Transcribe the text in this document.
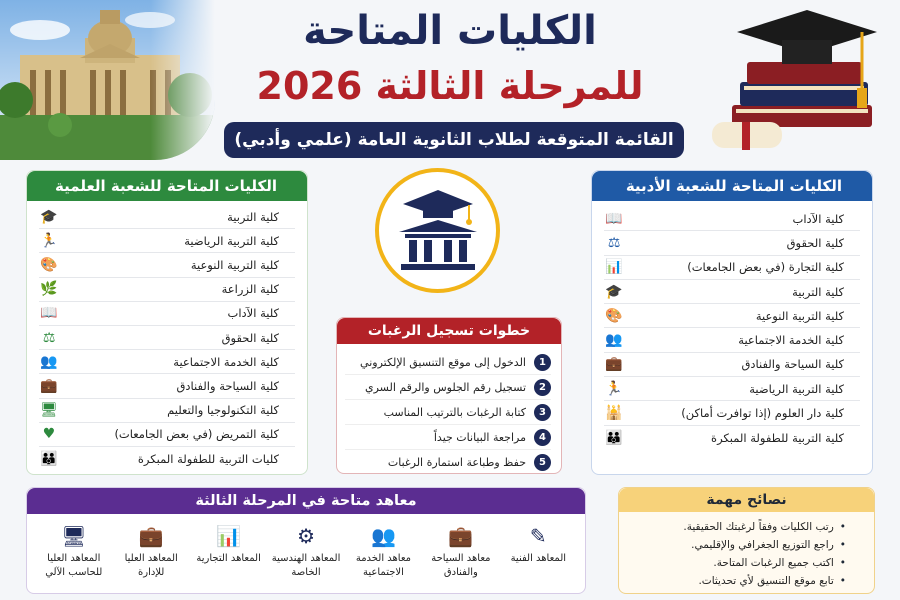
الكليات المتاحة
للمرحلة الثالثة 2026
القائمة المتوقعة لطلاب الثانوية العامة (علمي وأدبي)
الكليات المتاحة للشعبة الأدبية
كلية الآداب
📖
كلية الحقوق
⚖
كلية التجارة (في بعض الجامعات)
📊
كلية التربية
🎓
كلية التربية النوعية
🎨
كلية الخدمة الاجتماعية
👥
كلية السياحة والفنادق
💼
كلية التربية الرياضية
🏃
كلية دار العلوم (إذا توافرت أماكن)
🕌
كلية التربية للطفولة المبكرة
👪
الكليات المتاحة للشعبة العلمية
كلية التربية
🎓
كلية التربية الرياضية
🏃
كلية التربية النوعية
🎨
كلية الزراعة
🌿
كلية الآداب
📖
كلية الحقوق
⚖
كلية الخدمة الاجتماعية
👥
كلية السياحة والفنادق
💼
كلية التكنولوجيا والتعليم
🖥
كلية التمريض (في بعض الجامعات)
♥
كليات التربية للطفولة المبكرة
👪
خطوات تسجيل الرغبات
1
الدخول إلى موقع التنسيق الإلكتروني
2
تسجيل رقم الجلوس والرقم السري
3
كتابة الرغبات بالترتيب المناسب
4
مراجعة البيانات جيداً
5
حفظ وطباعة استمارة الرغبات
معاهد متاحة في المرحلة الثالثة
✎
المعاهد الفنية
💼
معاهد السياحة والفنادق
👥
معاهد الخدمة الاجتماعية
⚙
المعاهد الهندسية الخاصة
📊
المعاهد التجارية
💼
المعاهد العليا للإدارة
🖥
المعاهد العليا للحاسب الآلي
نصائح مهمة
• رتب الكليات وفقاً لرغبتك الحقيقية.
• راجع التوزيع الجغرافي والإقليمي.
• اكتب جميع الرغبات المتاحة.
• تابع موقع التنسيق لأي تحديثات.
